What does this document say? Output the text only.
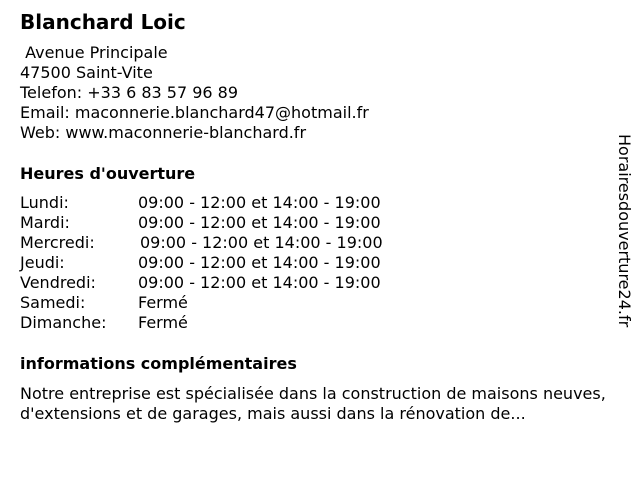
Blanchard Loic
Avenue Principale
47500 Saint-Vite
Telefon: +33 6 83 57 96 89
Email: maconnerie.blanchard47@hotmail.fr
Web: www.maconnerie-blanchard.fr
Heures d'ouverture
Lundi:	09:00 - 12:00 et 14:00 - 19:00
Mardi:	09:00 - 12:00 et 14:00 - 19:00
Mercredi:	09:00 - 12:00 et 14:00 - 19:00
Jeudi:	09:00 - 12:00 et 14:00 - 19:00
Vendredi:	09:00 - 12:00 et 14:00 - 19:00
Samedi:	Fermé
Dimanche: Fermé
informations complémentaires
Notre entreprise est spécialisée dans la construction de maisons neuves, d'extensions et de garages, mais aussi dans la rénovation de...
Horairesdouverture24.fr
